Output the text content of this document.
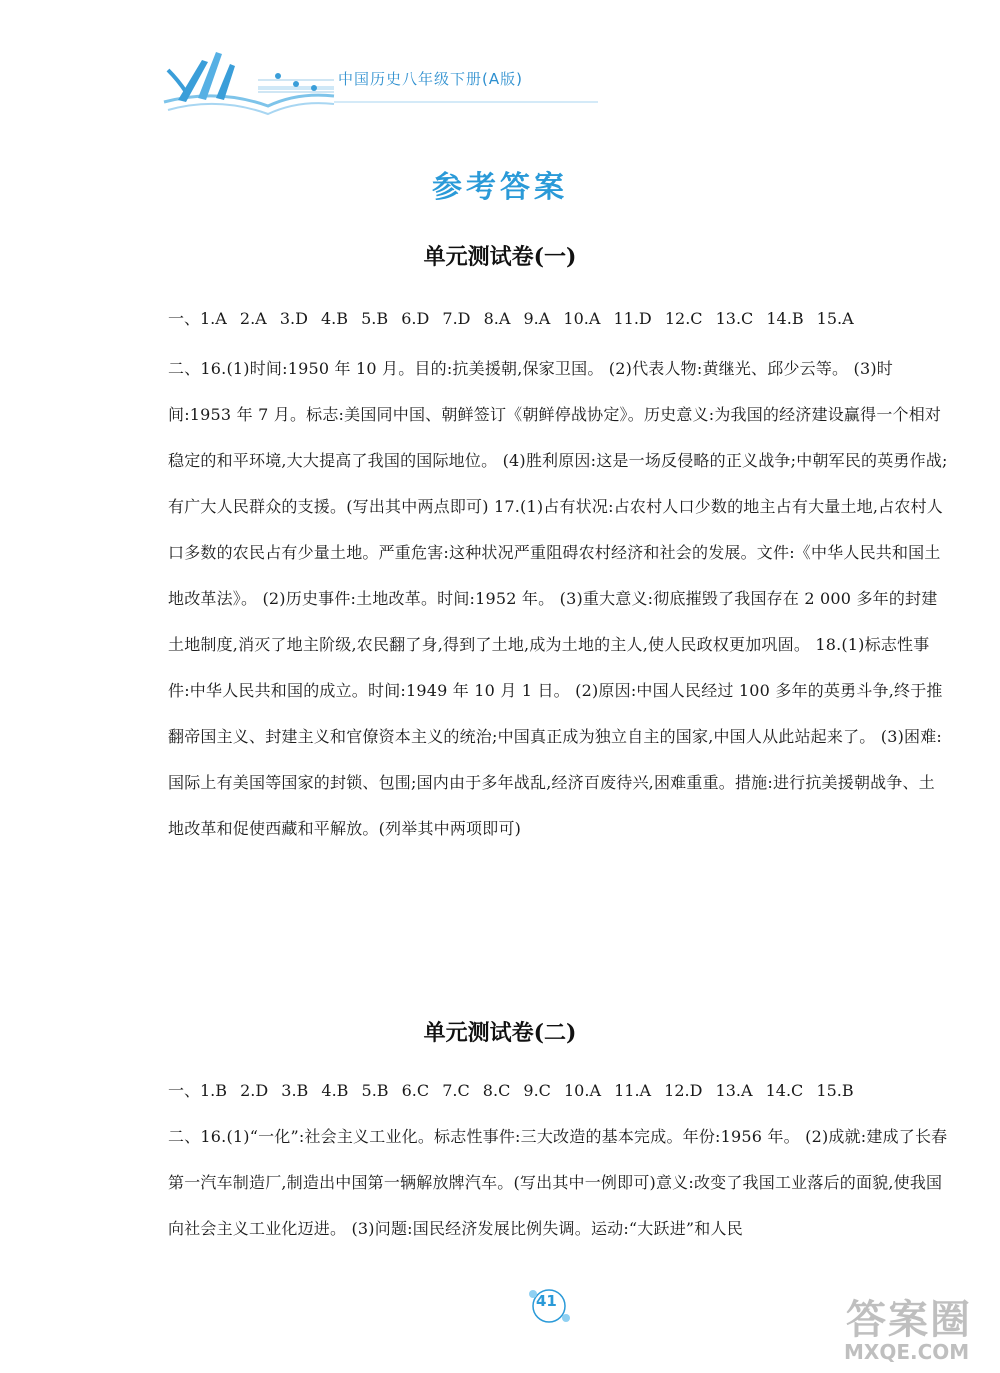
中国历史八年级下册(A版)
参考答案
单元测试卷(一)
一、1.A 2.A 3.D 4.B 5.B 6.D 7.D 8.A 9.A 10.A 11.D 12.C 13.C 14.B 15.A
二、16.(1)时间:1950 年 10 月。目的:抗美援朝,保家卫国。 (2)代表人物:黄继光、邱少云等。 (3)时间:1953 年 7 月。标志:美国同中国、朝鲜签订《朝鲜停战协定》。历史意义:为我国的经济建设赢得一个相对稳定的和平环境,大大提高了我国的国际地位。 (4)胜利原因:这是一场反侵略的正义战争;中朝军民的英勇作战;有广大人民群众的支援。(写出其中两点即可) 17.(1)占有状况:占农村人口少数的地主占有大量土地,占农村人口多数的农民占有少量土地。严重危害:这种状况严重阻碍农村经济和社会的发展。文件:《中华人民共和国土地改革法》。 (2)历史事件:土地改革。时间:1952 年。 (3)重大意义:彻底摧毁了我国存在 2 000 多年的封建土地制度,消灭了地主阶级,农民翻了身,得到了土地,成为土地的主人,使人民政权更加巩固。 18.(1)标志性事件:中华人民共和国的成立。时间:1949 年 10 月 1 日。 (2)原因:中国人民经过 100 多年的英勇斗争,终于推翻帝国主义、封建主义和官僚资本主义的统治;中国真正成为独立自主的国家,中国人从此站起来了。 (3)困难:国际上有美国等国家的封锁、包围;国内由于多年战乱,经济百废待兴,困难重重。措施:进行抗美援朝战争、土地改革和促使西藏和平解放。(列举其中两项即可)
单元测试卷(二)
一、1.B 2.D 3.B 4.B 5.B 6.C 7.C 8.C 9.C 10.A 11.A 12.D 13.A 14.C 15.B
二、16.(1)“一化”:社会主义工业化。标志性事件:三大改造的基本完成。年份:1956 年。 (2)成就:建成了长春第一汽车制造厂,制造出中国第一辆解放牌汽车。(写出其中一例即可)意义:改变了我国工业落后的面貌,使我国向社会主义工业化迈进。 (3)问题:国民经济发展比例失调。运动:“大跃进”和人民
41	答案圈
MXQE.COM
